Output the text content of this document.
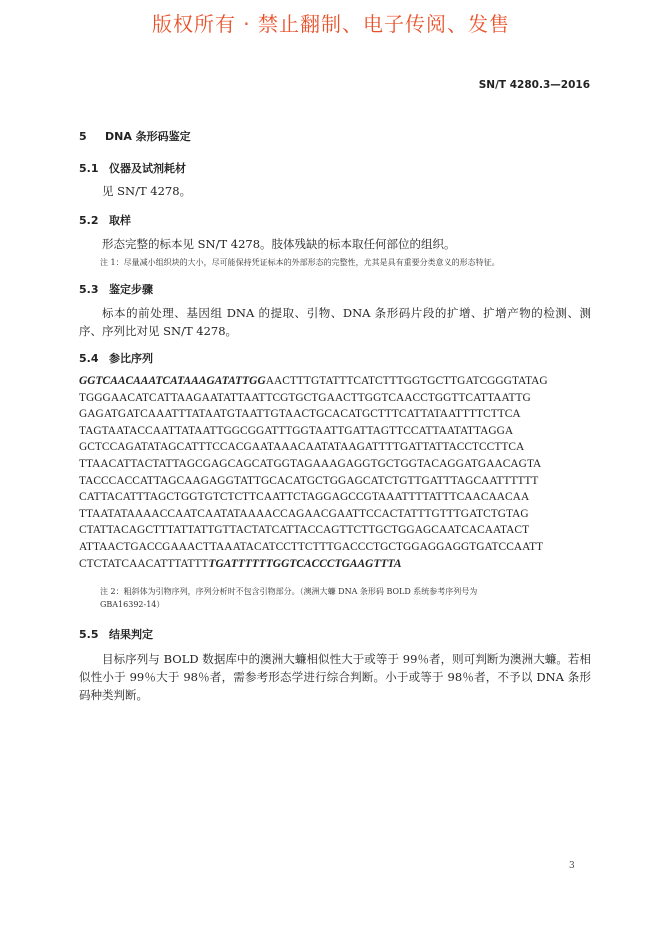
版权所有 · 禁止翻制、电子传阅、发售
SN/T 4280.3—2016
5 DNA 条形码鉴定
5.1 仪器及试剂耗材
见 SN/T 4278。
5.2 取样
形态完整的标本见 SN/T 4278。肢体残缺的标本取任何部位的组织。
注 1：尽量减小组织块的大小，尽可能保持凭证标本的外部形态的完整性，尤其是具有重要分类意义的形态特征。
5.3 鉴定步骤
标本的前处理、基因组 DNA 的提取、引物、DNA 条形码片段的扩增、扩增产物的检测、测序、序列比对见 SN/T 4278。
5.4 参比序列
GGTCAACAAATCATAAAGATATTGGAACTTTGTATTTCATCTTTGGTGCTTGATCGGGTATAG
TGGGAACATCATTAAGAATATTAATTCGTGCTGAACTTGGTCAACCTGGTTCATTAATTG
GAGATGATCAAATTTATAATGTAATTGTAACTGCACATGCTTTCATTATAATTTTCTTCA
TAGTAATACCAATTATAATTGGCGGATTTGGTAATTGATTAGTTCCATTAATATTAGGA
GCTCCAGATATAGCATTTCCACGAATAAACAATATAAGATTTTGATTATTACCTCCTTCA
TTAACATTACTATTAGCGAGCAGCATGGTAGAAAGAGGTGCTGGTACAGGATGAACAGTA
TACCCACCATTAGCAAGAGGTATTGCACATGCTGGAGCATCTGTTGATTTAGCAATTTTTT
CATTACATTTAGCTGGTGTCTCTTCAATTCTAGGAGCCGTAAATTTTATTTCAACAACAA
TTAATATAAAACCAATCAATATAAAACCAGAACGAATTCCACTATTTGTTTGATCTGTAG
CTATTACAGCTTTATTATTGTTACTATCATTACCAGTTCTTGCTGGAGCAATCACAATACT
ATTAACTGACCGAAACTTAAATACATCCTTCTTTGACCCTGCTGGAGGAGGTGATCCAATT
CTCTATCAACATTTATTTTGATTTTTTGGTCACCCTGAAGTTTA
注 2：粗斜体为引物序列，序列分析时不包含引物部分。（澳洲大蠊 DNA 条形码 BOLD 系统参考序列号为
GBA16392-14）
5.5 结果判定
目标序列与 BOLD 数据库中的澳洲大蠊相似性大于或等于 99％者，则可判断为澳洲大蠊。若相似性小于 99％大于 98％者，需参考形态学进行综合判断。小于或等于 98％者，不予以 DNA 条形码种类判断。
3
